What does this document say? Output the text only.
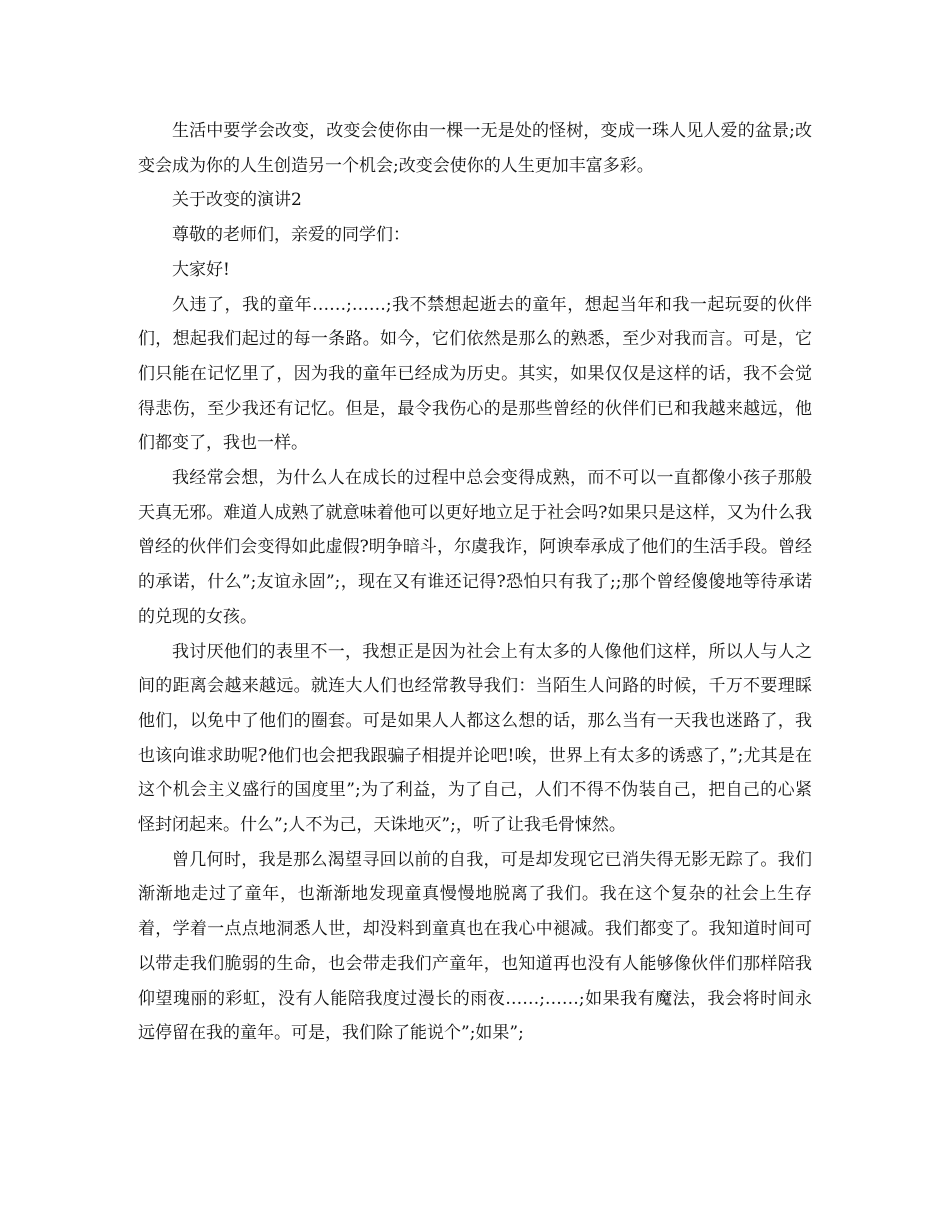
生活中要学会改变，改变会使你由一棵一无是处的怪树，变成一珠人见人爱的盆景;改变会成为你的人生创造另一个机会;改变会使你的人生更加丰富多彩。

关于改变的演讲2

尊敬的老师们，亲爱的同学们：

大家好!

久违了，我的童年……;……;我不禁想起逝去的童年，想起当年和我一起玩耍的伙伴们，想起我们起过的每一条路。如今，它们依然是那么的熟悉，至少对我而言。可是，它们只能在记忆里了，因为我的童年已经成为历史。其实，如果仅仅是这样的话，我不会觉得悲伤，至少我还有记忆。但是，最令我伤心的是那些曾经的伙伴们已和我越来越远，他们都变了，我也一样。

我经常会想，为什么人在成长的过程中总会变得成熟，而不可以一直都像小孩子那般天真无邪。难道人成熟了就意味着他可以更好地立足于社会吗?如果只是这样，又为什么我曾经的伙伴们会变得如此虚假?明争暗斗，尔虞我诈，阿谀奉承成了他们的生活手段。曾经的承诺，什么”;友谊永固”;，现在又有谁还记得?恐怕只有我了;;那个曾经傻傻地等待承诺的兑现的女孩。

我讨厌他们的表里不一，我想正是因为社会上有太多的人像他们这样，所以人与人之间的距离会越来越远。就连大人们也经常教导我们：当陌生人问路的时候，千万不要理睬他们，以免中了他们的圈套。可是如果人人都这么想的话，那么当有一天我也迷路了，我也该向谁求助呢?他们也会把我跟骗子相提并论吧!唉，世界上有太多的诱惑了，”;尤其是在这个机会主义盛行的国度里”;为了利益，为了自己，人们不得不伪装自己，把自己的心紧怪封闭起来。什么”;人不为己，天诛地灭”;，听了让我毛骨悚然。

曾几何时，我是那么渴望寻回以前的自我，可是却发现它已消失得无影无踪了。我们渐渐地走过了童年，也渐渐地发现童真慢慢地脱离了我们。我在这个复杂的社会上生存着，学着一点点地洞悉人世，却没料到童真也在我心中褪减。我们都变了。我知道时间可以带走我们脆弱的生命，也会带走我们产童年，也知道再也没有人能够像伙伴们那样陪我仰望瑰丽的彩虹，没有人能陪我度过漫长的雨夜……;……;如果我有魔法，我会将时间永远停留在我的童年。可是，我们除了能说个”;如果”;
